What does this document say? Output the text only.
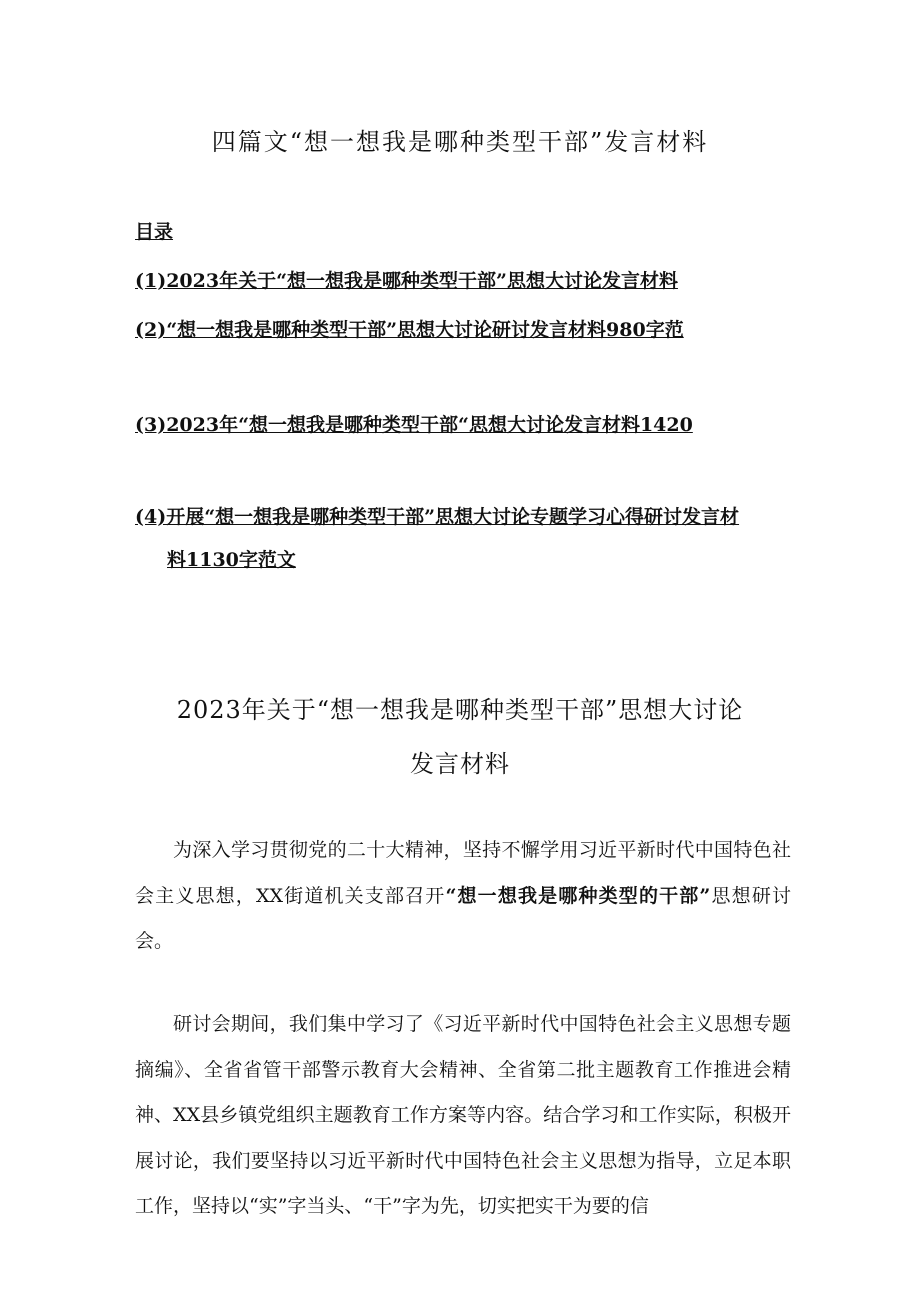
四篇文“想一想我是哪种类型干部”发言材料
目录
(1)2023年关于“想一想我是哪种类型干部”思想大讨论发言材料
(2)“想一想我是哪种类型干部”思想大讨论研讨发言材料980字范
(3)2023年“想一想我是哪种类型干部“思想大讨论发言材料1420
(4)开展“想一想我是哪种类型干部”思想大讨论专题学习心得研讨发言材
料1130字范文
2023年关于“想一想我是哪种类型干部”思想大讨论
发言材料

为深入学习贯彻党的二十大精神，坚持不懈学用习近平新时代中国特色社会主义思想，XX街道机关支部召开“想一想我是哪种类型的干部”思想研讨会。

研讨会期间，我们集中学习了《习近平新时代中国特色社会主义思想专题摘编》、全省省管干部警示教育大会精神、全省第二批主题教育工作推进会精神、XX县乡镇党组织主题教育工作方案等内容。结合学习和工作实际，积极开展讨论，我们要坚持以习近平新时代中国特色社会主义思想为指导，立足本职工作，坚持以“实”字当头、“干”字为先，切实把实干为要的信
